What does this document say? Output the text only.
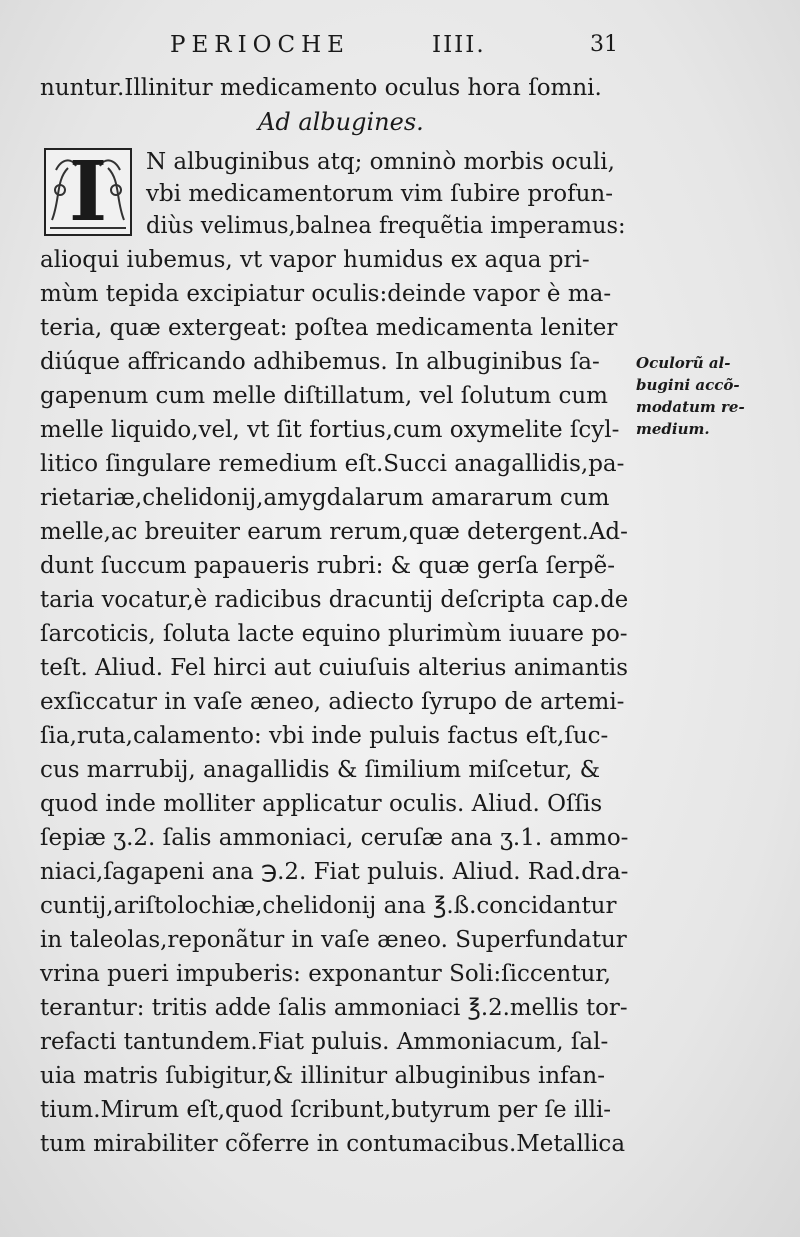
PERIOCHE	IIII.	31
nuntur.Illinitur medicamento oculus hora ſomni.
Ad albugines.
I	N albuginibus atq; omninò morbis oculi,
vbi medicamentorum vim ſubire profun-
diùs velimus,balnea frequẽtia imperamus:
alioqui iubemus, vt vapor humidus ex aqua pri-
mùm tepida excipiatur oculis:deinde vapor è ma-
teria, quæ extergeat: poſtea medicamenta leniter
diúque affricando adhibemus. In albuginibus ſa-
gapenum cum melle diſtillatum, vel ſolutum cum
melle liquido,vel, vt ſit fortius,cum oxymelite ſcyl-
litico ſingulare remedium eſt.Succi anagallidis,pa-
rietariæ,chelidonij,amygdalarum amararum cum
melle,ac breuiter earum rerum,quæ detergent.Ad-
dunt ſuccum papaueris rubri: & quæ gerſa ſerpẽ-
taria vocatur,è radicibus dracuntij deſcripta cap.de
ſarcoticis, ſoluta lacte equino plurimùm iuuare po-
teſt. Aliud. Fel hirci aut cuiuſuis alterius animantis
exſiccatur in vaſe æneo, adiecto ſyrupo de artemi-
ſia,ruta,calamento: vbi inde puluis factus eſt,ſuc-
cus marrubij, anagallidis & ſimilium miſcetur, &
quod inde molliter applicatur oculis. Aliud. Oſſis
ſepiæ ʒ.2. ſalis ammoniaci, ceruſæ ana ʒ.1. ammo-
niaci,ſagapeni ana ℈.2. Fiat puluis. Aliud. Rad.dra-
cuntij,ariſtolochiæ,chelidonij ana ℥.ß.concidantur
in taleolas,reponãtur in vaſe æneo. Superfundatur
vrina pueri impuberis: exponantur Soli:ſiccentur,
terantur: tritis adde ſalis ammoniaci ℥.2.mellis tor-
refacti tantundem.Fiat puluis. Ammoniacum, ſal-
uia matris ſubigitur,& illinitur albuginibus infan-
tium.Mirum eſt,quod ſcribunt,butyrum per ſe illi-
tum mirabiliter cõferre in contumacibus.Metallica
Oculorũ al-
bugini accõ-
modatum re-
medium.
